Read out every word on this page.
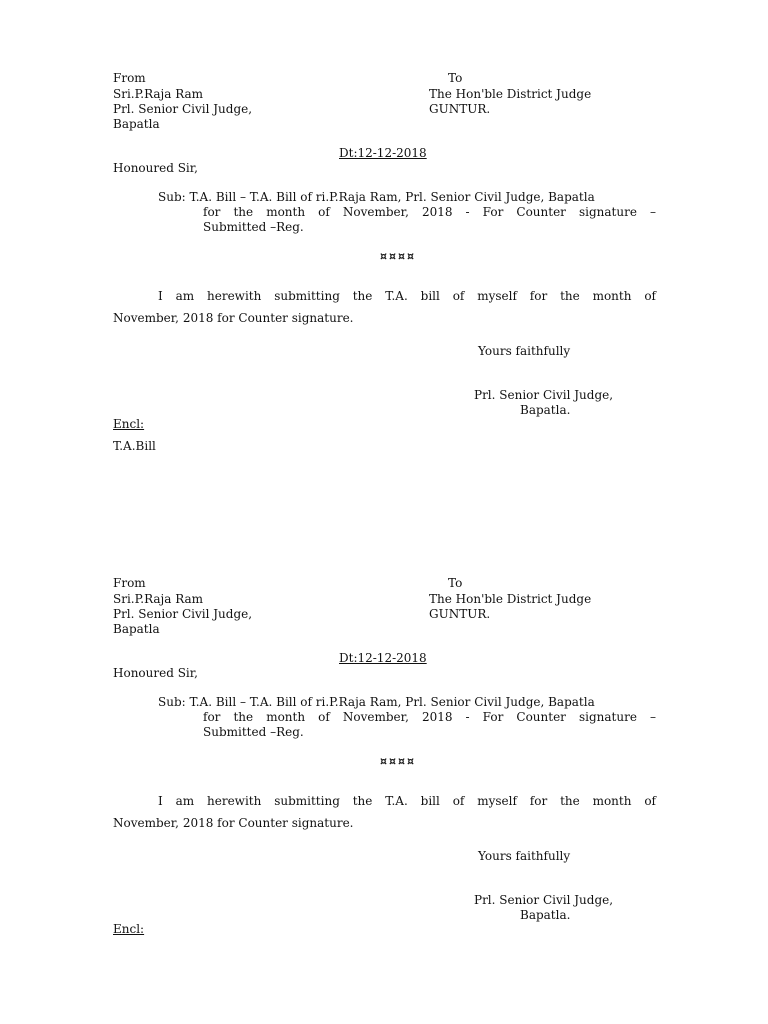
From
Sri.P.Raja Ram
Prl. Senior Civil Judge,
Bapatla
To
The Hon'ble District Judge
GUNTUR.
Dt:12-12-2018
Honoured Sir,
Sub: T.A. Bill – T.A. Bill of ri.P.Raja Ram, Prl. Senior Civil Judge, Bapatla
for the month of November, 2018 - For Counter signature –
Submitted –Reg.
¤¤¤¤
I am herewith submitting the T.A. bill of myself for the month of
November, 2018 for Counter signature.
Yours faithfully
Prl. Senior Civil Judge,
Bapatla.
Encl:
T.A.Bill
From
Sri.P.Raja Ram
Prl. Senior Civil Judge,
Bapatla
To
The Hon'ble District Judge
GUNTUR.
Dt:12-12-2018
Honoured Sir,
Sub: T.A. Bill – T.A. Bill of ri.P.Raja Ram, Prl. Senior Civil Judge, Bapatla
for the month of November, 2018 - For Counter signature –
Submitted –Reg.
¤¤¤¤
I am herewith submitting the T.A. bill of myself for the month of
November, 2018 for Counter signature.
Yours faithfully
Prl. Senior Civil Judge,
Bapatla.
Encl:
